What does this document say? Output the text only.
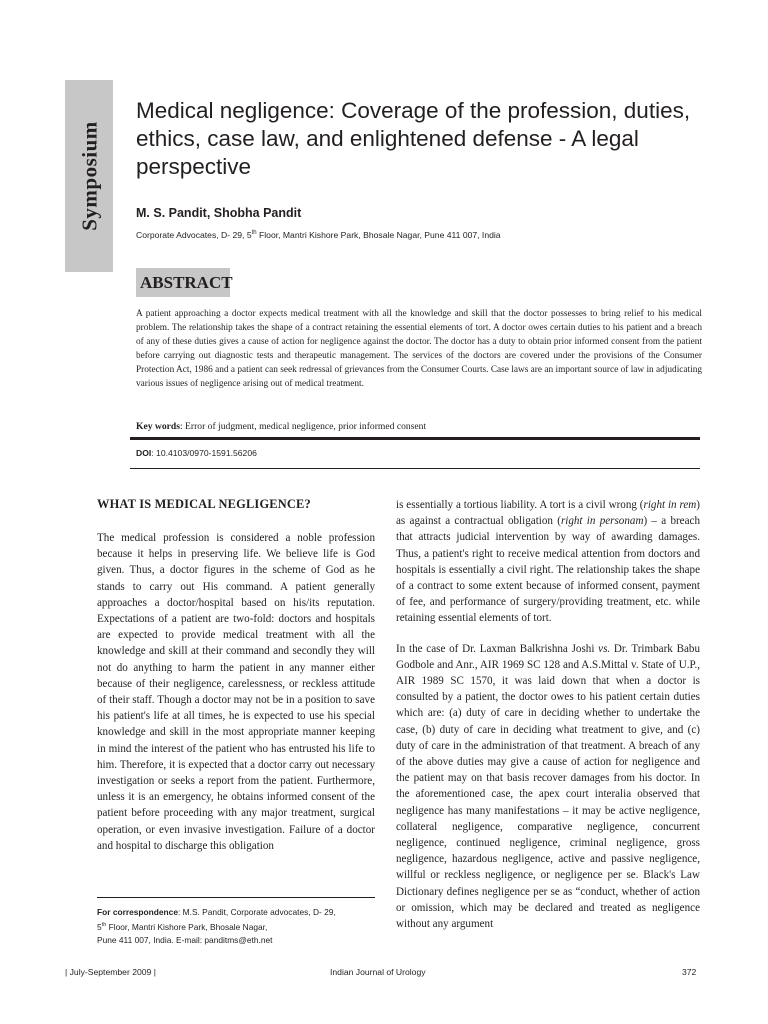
Symposium
Medical negligence: Coverage of the profession, duties, ethics, case law, and enlightened defense - A legal perspective
M. S. Pandit, Shobha Pandit
Corporate Advocates, D- 29, 5th Floor, Mantri Kishore Park, Bhosale Nagar, Pune 411 007, India
ABSTRACT

A patient approaching a doctor expects medical treatment with all the knowledge and skill that the doctor possesses to bring relief to his medical problem. The relationship takes the shape of a contract retaining the essential elements of tort. A doctor owes certain duties to his patient and a breach of any of these duties gives a cause of action for negligence against the doctor. The doctor has a duty to obtain prior informed consent from the patient before carrying out diagnostic tests and therapeutic management. The services of the doctors are covered under the provisions of the Consumer Protection Act, 1986 and a patient can seek redressal of grievances from the Consumer Courts. Case laws are an important source of law in adjudicating various issues of negligence arising out of medical treatment.

Key words: Error of judgment, medical negligence, prior informed consent
DOI: 10.4103/0970-1591.56206
WHAT IS MEDICAL NEGLIGENCE?

The medical profession is considered a noble profession because it helps in preserving life. We believe life is God given. Thus, a doctor figures in the scheme of God as he stands to carry out His command. A patient generally approaches a doctor/hospital based on his/its reputation. Expectations of a patient are two-fold: doctors and hospitals are expected to provide medical treatment with all the knowledge and skill at their command and secondly they will not do anything to harm the patient in any manner either because of their negligence, carelessness, or reckless attitude of their staff. Though a doctor may not be in a position to save his patient's life at all times, he is expected to use his special knowledge and skill in the most appropriate manner keeping in mind the interest of the patient who has entrusted his life to him. Therefore, it is expected that a doctor carry out necessary investigation or seeks a report from the patient. Furthermore, unless it is an emergency, he obtains informed consent of the patient before proceeding with any major treatment, surgical operation, or even invasive investigation. Failure of a doctor and hospital to discharge this obligation

is essentially a tortious liability. A tort is a civil wrong (right in rem) as against a contractual obligation (right in personam) – a breach that attracts judicial intervention by way of awarding damages. Thus, a patient's right to receive medical attention from doctors and hospitals is essentially a civil right. The relationship takes the shape of a contract to some extent because of informed consent, payment of fee, and performance of surgery/providing treatment, etc. while retaining essential elements of tort.

In the case of Dr. Laxman Balkrishna Joshi vs. Dr. Trimbark Babu Godbole and Anr., AIR 1969 SC 128 and A.S.Mittal v. State of U.P., AIR 1989 SC 1570, it was laid down that when a doctor is consulted by a patient, the doctor owes to his patient certain duties which are: (a) duty of care in deciding whether to undertake the case, (b) duty of care in deciding what treatment to give, and (c) duty of care in the administration of that treatment. A breach of any of the above duties may give a cause of action for negligence and the patient may on that basis recover damages from his doctor. In the aforementioned case, the apex court interalia observed that negligence has many manifestations – it may be active negligence, collateral negligence, comparative negligence, concurrent negligence, continued negligence, criminal negligence, gross negligence, hazardous negligence, active and passive negligence, willful or reckless negligence, or negligence per se. Black's Law Dictionary defines negligence per se as “conduct, whether of action or omission, which may be declared and treated as negligence without any argument

For correspondence: M.S. Pandit, Corporate advocates, D- 29,
5th Floor, Mantri Kishore Park, Bhosale Nagar,
Pune 411 007, India. E-mail: panditms@eth.net
| July-September 2009 |	Indian Journal of Urology	372
